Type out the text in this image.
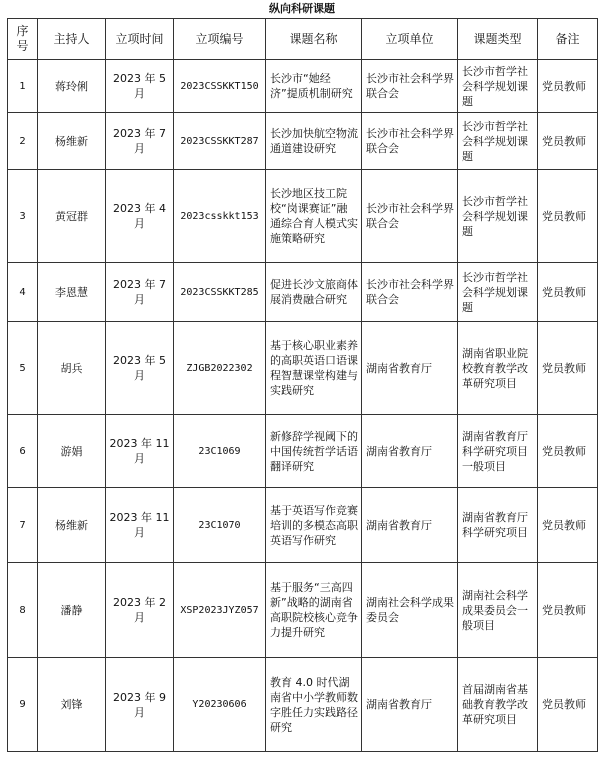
纵向科研课题
序号	主持人	立项时间	立项编号	课题名称	立项单位	课题类型	备注
1	蒋玲俐	2023 年 5 月	2023CSSKKT150	长沙市“她经济”提质机制研究	长沙市社会科学界联合会	长沙市哲学社会科学规划课题	党员教师
2	杨维新	2023 年 7 月	2023CSSKKT287	长沙加快航空物流通道建设研究	长沙市社会科学界联合会	长沙市哲学社会科学规划课题	党员教师
3	黄冠群	2023 年 4 月	2023csskkt153	长沙地区技工院校“岗课赛证”融通综合育人模式实施策略研究	长沙市社会科学界联合会	长沙市哲学社会科学规划课题	党员教师
4	李恩慧	2023 年 7 月	2023CSSKKT285	促进长沙文旅商体展消费融合研究	长沙市社会科学界联合会	长沙市哲学社会科学规划课题	党员教师
5	胡兵	2023 年 5 月	ZJGB2022302	基于核心职业素养的高职英语口语课程智慧课堂构建与实践研究	湖南省教育厅	湖南省职业院校教育教学改革研究项目	党员教师
6	游娟	2023 年 11 月	23C1069	新修辞学视阈下的中国传统哲学话语翻译研究	湖南省教育厅	湖南省教育厅科学研究项目一般项目	党员教师
7	杨维新	2023 年 11 月	23C1070	基于英语写作竞赛培训的多模态高职英语写作研究	湖南省教育厅	湖南省教育厅科学研究项目	党员教师
8	潘静	2023 年 2 月	XSP2023JYZ057	基于服务“三高四新”战略的湖南省高职院校核心竞争力提升研究	湖南社会科学成果委员会	湖南社会科学成果委员会一般项目	党员教师
9	刘锋	2023 年 9 月	Y20230606	教育 4.0 时代湖南省中小学教师数字胜任力实践路径研究	湖南省教育厅	首届湖南省基础教育教学改革研究项目	党员教师
